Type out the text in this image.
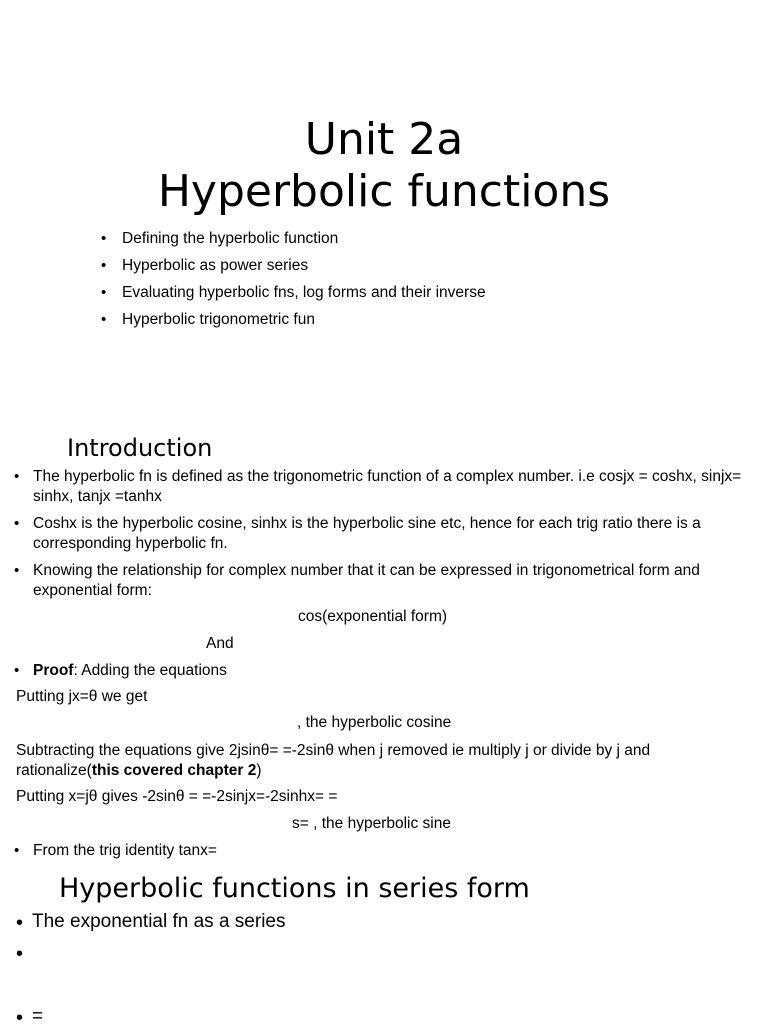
Unit 2a
Hyperbolic functions
• Defining the hyperbolic function
• Hyperbolic as power series
• Evaluating hyperbolic fns, log forms and their inverse
• Hyperbolic trigonometric fun
Introduction
• The hyperbolic fn is defined as the trigonometric function of a complex number. i.e cosjx = coshx, sinjx= sinhx, tanjx =tanhx
• Coshx is the hyperbolic cosine, sinhx is the hyperbolic sine etc, hence for each trig ratio there is a corresponding hyperbolic fn.
• Knowing the relationship for complex number that it can be expressed in trigonometrical form and exponential form:
cos(exponential form)
And
• Proof: Adding the equations
Putting jx=θ we get
, the hyperbolic cosine
Subtracting the equations give 2jsinθ= =-2sinθ when j removed ie multiply j or divide by j and rationalize(this covered chapter 2)
Putting x=jθ gives -2sinθ = =-2sinjx=-2sinhx= =
s= , the hyperbolic sine
• From the trig identity tanx=
Hyperbolic functions in series form
• The exponential fn as a series
•
• =
